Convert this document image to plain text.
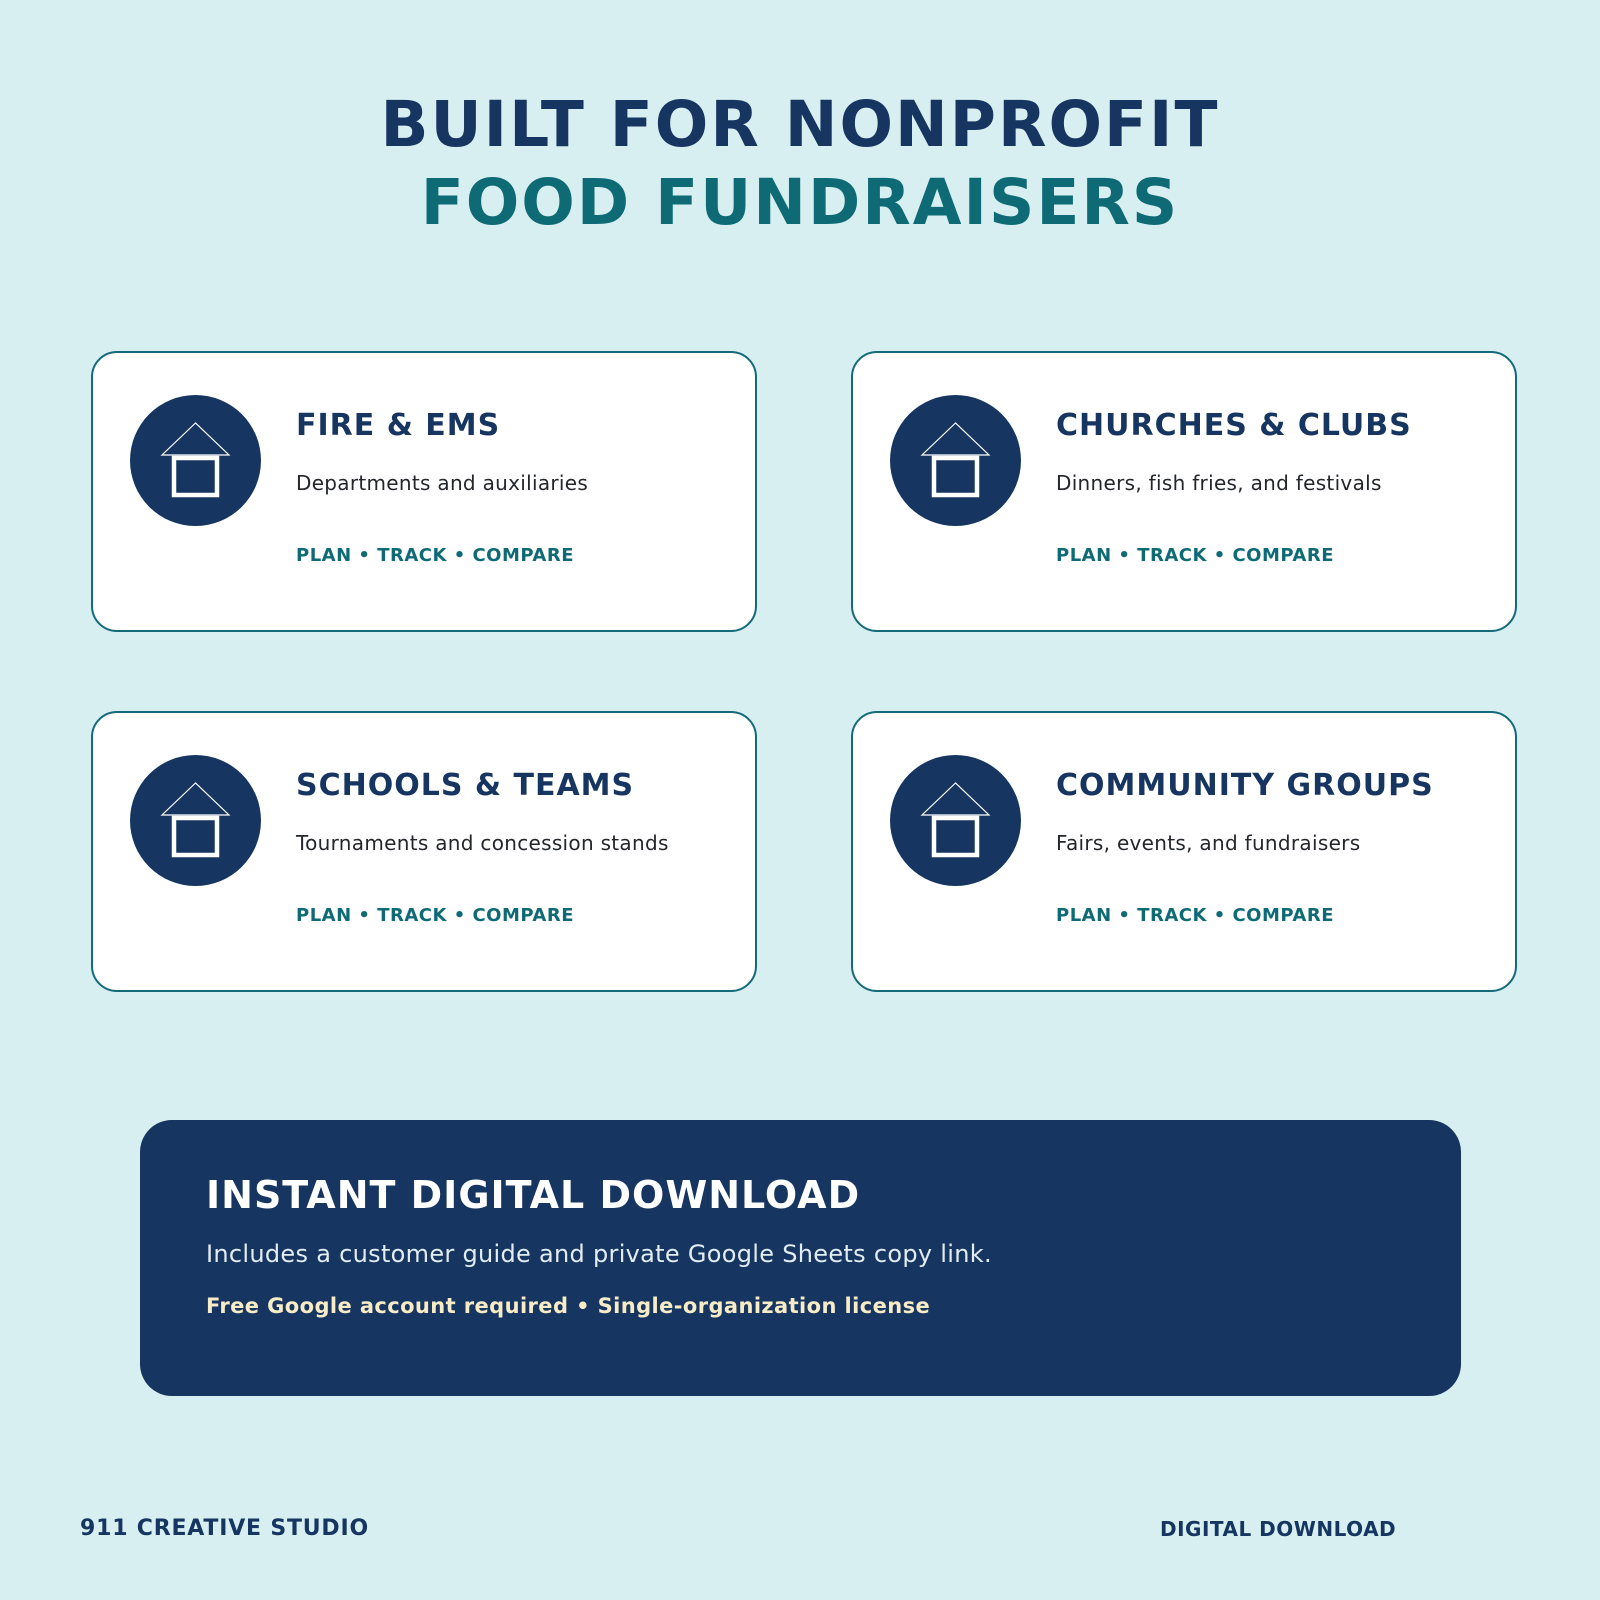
BUILT FOR NONPROFIT
FOOD FUNDRAISERS
FIRE & EMS
Departments and auxiliaries
PLAN • TRACK • COMPARE
CHURCHES & CLUBS
Dinners, fish fries, and festivals
PLAN • TRACK • COMPARE
SCHOOLS & TEAMS
Tournaments and concession stands
PLAN • TRACK • COMPARE
COMMUNITY GROUPS
Fairs, events, and fundraisers
PLAN • TRACK • COMPARE
INSTANT DIGITAL DOWNLOAD
Includes a customer guide and private Google Sheets copy link.
Free Google account required • Single-organization license
911 CREATIVE STUDIO	DIGITAL DOWNLOAD
